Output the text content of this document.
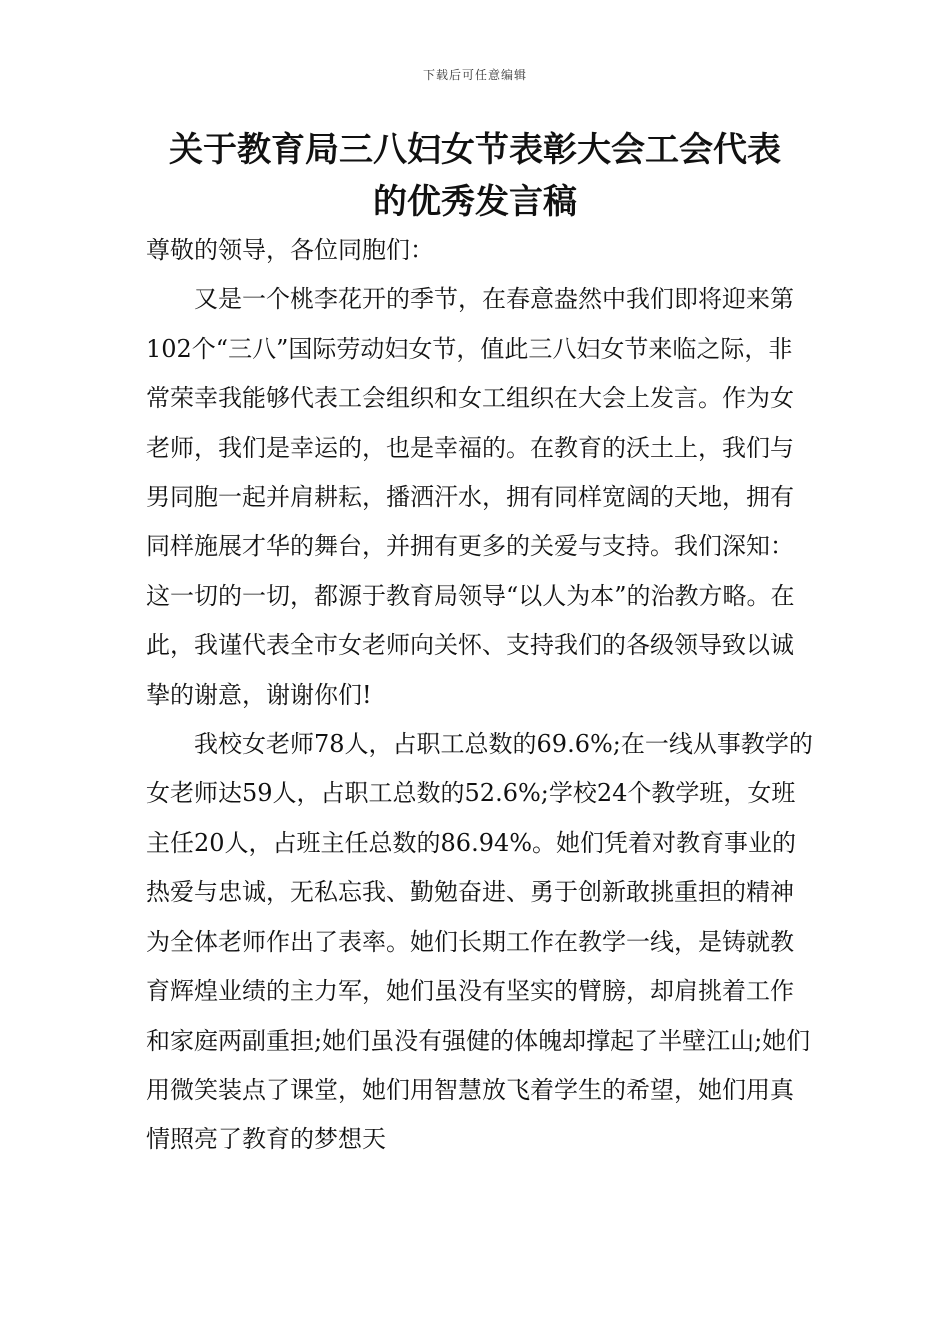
下载后可任意编辑
关于教育局三八妇女节表彰大会工会代表
的优秀发言稿

尊敬的领导，各位同胞们：

又是一个桃李花开的季节，在春意盎然中我们即将迎来第102个“三八”国际劳动妇女节，值此三八妇女节来临之际，非常荣幸我能够代表工会组织和女工组织在大会上发言。作为女老师，我们是幸运的，也是幸福的。在教育的沃土上，我们与男同胞一起并肩耕耘，播洒汗水，拥有同样宽阔的天地，拥有同样施展才华的舞台，并拥有更多的关爱与支持。我们深知：这一切的一切，都源于教育局领导“以人为本”的治教方略。在此，我谨代表全市女老师向关怀、支持我们的各级领导致以诚挚的谢意，谢谢你们!

我校女老师78人，占职工总数的69.6%;在一线从事教学的女老师达59人，占职工总数的52.6%;学校24个教学班，女班主任20人，占班主任总数的86.94%。她们凭着对教育事业的热爱与忠诚，无私忘我、勤勉奋进、勇于创新敢挑重担的精神为全体老师作出了表率。她们长期工作在教学一线，是铸就教育辉煌业绩的主力军，她们虽没有坚实的臂膀，却肩挑着工作和家庭两副重担;她们虽没有强健的体魄却撑起了半壁江山;她们用微笑装点了课堂，她们用智慧放飞着学生的希望，她们用真情照亮了教育的梦想天
